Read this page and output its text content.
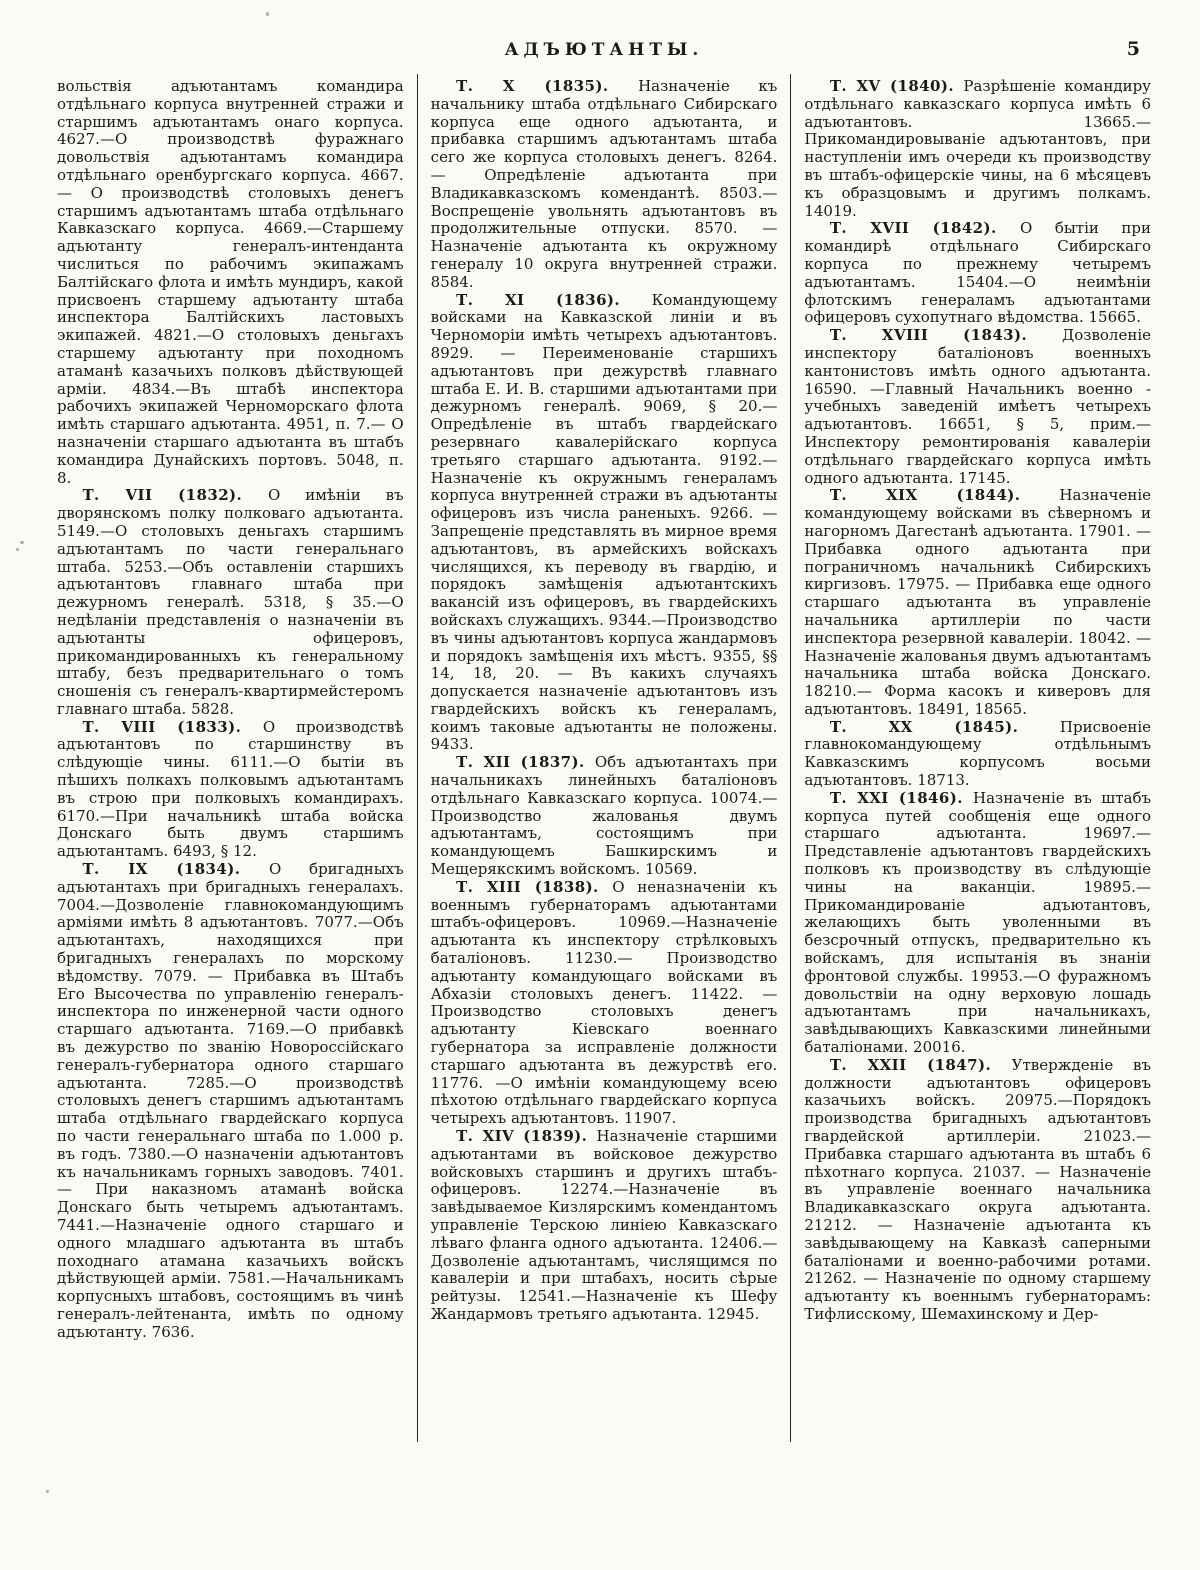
АДЪЮТАНТЫ.	5

вольствія адъютантамъ командира отдѣльнаго корпуса внутренней стражи и старшимъ адъютантамъ онаго корпуса. 4627.—О производствѣ фуражнаго довольствія адъютантамъ командира отдѣльнаго оренбургскаго корпуса. 4667.— О производствѣ столовыхъ денегъ старшимъ адъютантамъ штаба отдѣльнаго Кавказскаго корпуса. 4669.—Старшему адъютанту генералъ-интенданта числиться по рабочимъ экипажамъ Балтійскаго флота и имѣть мундиръ, какой присвоенъ старшему адъютанту штаба инспектора Балтійскихъ ластовыхъ экипажей. 4821.—О столовыхъ деньгахъ старшему адъютанту при походномъ атаманѣ казачьихъ полковъ дѣйствующей арміи. 4834.—Въ штабѣ инспектора рабочихъ экипажей Черноморскаго флота имѣть старшаго адъютанта. 4951, п. 7.— О назначеніи старшаго адъютанта въ штабъ командира Дунайскихъ портовъ. 5048, п. 8.

Т. VII (1832). О имѣніи въ дворянскомъ полку полковаго адъютанта. 5149.—О столовыхъ деньгахъ старшимъ адъютантамъ по части генеральнаго штаба. 5253.—Объ оставленіи старшихъ адъютантовъ главнаго штаба при дежурномъ генералѣ. 5318, § 35.—О недѣланіи представленія о назначеніи въ адъютанты офицеровъ, прикомандированныхъ къ генеральному штабу, безъ предварительнаго о томъ сношенія съ генералъ-квартирмейстеромъ главнаго штаба. 5828.

Т. VIII (1833). О производствѣ адъютантовъ по старшинству въ слѣдующіе чины. 6111.—О бытіи въ пѣшихъ полкахъ полковымъ адъютантамъ въ строю при полковыхъ командирахъ. 6170.—При начальникѣ штаба войска Донскаго быть двумъ старшимъ адъютантамъ. 6493, § 12.

Т. IX (1834). О бригадныхъ адъютантахъ при бригадныхъ генералахъ. 7004.—Дозволеніе главнокомандующимъ арміями имѣть 8 адъютантовъ. 7077.—Объ адъютантахъ, находящихся при бригадныхъ генералахъ по морскому вѣдомству. 7079. — Прибавка въ Штабъ Его Высочества по управленію генералъ-инспектора по инженерной части одного старшаго адъютанта. 7169.—О прибавкѣ въ дежурство по званію Новороссійскаго генералъ-губернатора одного старшаго адъютанта. 7285.—О производствѣ столовыхъ денегъ старшимъ адъютантамъ штаба отдѣльнаго гвардейскаго корпуса по части генеральнаго штаба по 1.000 р. въ годъ. 7380.—О назначеніи адъютантовъ къ начальникамъ горныхъ заводовъ. 7401. — При наказномъ атаманѣ войска Донскаго быть четыремъ адъютантамъ. 7441.—Назначеніе одного старшаго и одного младшаго адъютанта въ штабъ походнаго атамана казачьихъ войскъ дѣйствующей арміи. 7581.—Начальникамъ корпусныхъ штабовъ, состоящимъ въ чинѣ генералъ-лейтенанта, имѣть по одному адъютанту. 7636.

Т. X (1835). Назначеніе къ начальнику штаба отдѣльнаго Сибирскаго корпуса еще одного адъютанта, и прибавка старшимъ адъютантамъ штаба сего же корпуса столовыхъ денегъ. 8264. — Опредѣленіе адъютанта при Владикавказскомъ комендантѣ. 8503.—Воспрещеніе увольнять адъютантовъ въ продолжительные отпуски. 8570. — Назначеніе адъютанта къ окружному генералу 10 округа внутренней стражи. 8584.

Т. XI (1836). Командующему войсками на Кавказской линіи и въ Черноморіи имѣть четырехъ адъютантовъ. 8929. — Переименованіе старшихъ адъютантовъ при дежурствѣ главнаго штаба Е. И. В. старшими адъютантами при дежурномъ генералѣ. 9069, § 20.— Опредѣленіе въ штабъ гвардейскаго резервнаго кавалерійскаго корпуса третьяго старшаго адъютанта. 9192.—Назначеніе къ окружнымъ генераламъ корпуса внутренней стражи въ адъютанты офицеровъ изъ числа раненыхъ. 9266. — Запрещеніе представлять въ мирное время адъютантовъ, въ армейскихъ войскахъ числящихся, къ переводу въ гвардію, и порядокъ замѣщенія адъютантскихъ вакансій изъ офицеровъ, въ гвардейскихъ войскахъ служащихъ. 9344.—Производство въ чины адъютантовъ корпуса жандармовъ и порядокъ замѣщенія ихъ мѣстъ. 9355, §§ 14, 18, 20. — Въ какихъ случаяхъ допускается назначеніе адъютантовъ изъ гвардейскихъ войскъ къ генераламъ, коимъ таковые адъютанты не положены. 9433.

Т. XII (1837). Объ адъютантахъ при начальникахъ линейныхъ баталіоновъ отдѣльнаго Кавказскаго корпуса. 10074.—Производство жалованья двумъ адъютантамъ, состоящимъ при командующемъ Башкирскимъ и Мещерякскимъ войскомъ. 10569.

Т. XIII (1838). О неназначеніи къ военнымъ губернаторамъ адъютантами штабъ-офицеровъ. 10969.—Назначеніе адъютанта къ инспектору стрѣлковыхъ баталіоновъ. 11230.— Производство адъютанту командующаго войсками въ Абхазіи столовыхъ денегъ. 11422. — Производство столовыхъ денегъ адъютанту Кіевскаго военнаго губернатора за исправленіе должности старшаго адъютанта въ дежурствѣ его. 11776. —О имѣніи командующему всею пѣхотою отдѣльнаго гвардейскаго корпуса четырехъ адъютантовъ. 11907.

Т. XIV (1839). Назначеніе старшими адъютантами въ войсковое дежурство войсковыхъ старшинъ и другихъ штабъ-офицеровъ. 12274.—Назначеніе въ завѣдываемое Кизлярскимъ комендантомъ управленіе Терскою линіею Кавказскаго лѣваго фланга одного адъютанта. 12406.— Дозволеніе адъютантамъ, числящимся по кавалеріи и при штабахъ, носить сѣрые рейтузы. 12541.—Назначеніе къ Шефу Жандармовъ третьяго адъютанта. 12945.

Т. XV (1840). Разрѣшеніе командиру отдѣльнаго кавказскаго корпуса имѣть 6 адъютантовъ. 13665.—Прикомандировываніе адъютантовъ, при наступленіи имъ очереди къ производству въ штабъ-офицерскіе чины, на 6 мѣсяцевъ къ образцовымъ и другимъ полкамъ. 14019.

Т. XVII (1842). О бытіи при командирѣ отдѣльнаго Сибирскаго корпуса по прежнему четыремъ адъютантамъ. 15404.—О неимѣніи флотскимъ генераламъ адъютантами офицеровъ сухопутнаго вѣдомства. 15665.

Т. XVIII (1843). Дозволеніе инспектору баталіоновъ военныхъ кантонистовъ имѣть одного адъютанта. 16590. —Главный Начальникъ военно - учебныхъ заведеній имѣетъ четырехъ адъютантовъ. 16651, § 5, прим.—Инспектору ремонтированія кавалеріи отдѣльнаго гвардейскаго корпуса имѣть одного адъютанта. 17145.

Т. XIX (1844). Назначеніе командующему войсками въ сѣверномъ и нагорномъ Дагестанѣ адъютанта. 17901. — Прибавка одного адъютанта при пограничномъ начальникѣ Сибирскихъ киргизовъ. 17975. — Прибавка еще одного старшаго адъютанта въ управленіе начальника артиллеріи по части инспектора резервной кавалеріи. 18042. — Назначеніе жалованья двумъ адъютантамъ начальника штаба войска Донскаго. 18210.— Форма касокъ и киверовъ для адъютантовъ. 18491, 18565.

Т. XX (1845). Присвоеніе главнокомандующему отдѣльнымъ Кавказскимъ корпусомъ восьми адъютантовъ. 18713.

Т. XXI (1846). Назначеніе въ штабъ корпуса путей сообщенія еще одного старшаго адъютанта. 19697.—Представленіе адъютантовъ гвардейскихъ полковъ къ производству въ слѣдующіе чины на ваканціи. 19895.— Прикомандированіе адъютантовъ, желающихъ быть уволенными въ безсрочный отпускъ, предварительно къ войскамъ, для испытанія въ знаніи фронтовой службы. 19953.—О фуражномъ довольствіи на одну верховую лошадь адъютантамъ при начальникахъ, завѣдывающихъ Кавказскими линейными баталіонами. 20016.

Т. XXII (1847). Утвержденіе въ должности адъютантовъ офицеровъ казачьихъ войскъ. 20975.—Порядокъ производства бригадныхъ адъютантовъ гвардейской артиллеріи. 21023.— Прибавка старшаго адъютанта въ штабъ 6 пѣхотнаго корпуса. 21037. — Назначеніе въ управленіе военнаго начальника Владикавказскаго округа адъютанта. 21212. — Назначеніе адъютанта къ завѣдывающему на Кавказѣ саперными баталіонами и военно-рабочими ротами. 21262. — Назначеніе по одному старшему адъютанту къ военнымъ губернаторамъ: Тифлисскому, Шемахинскому и Дер-
